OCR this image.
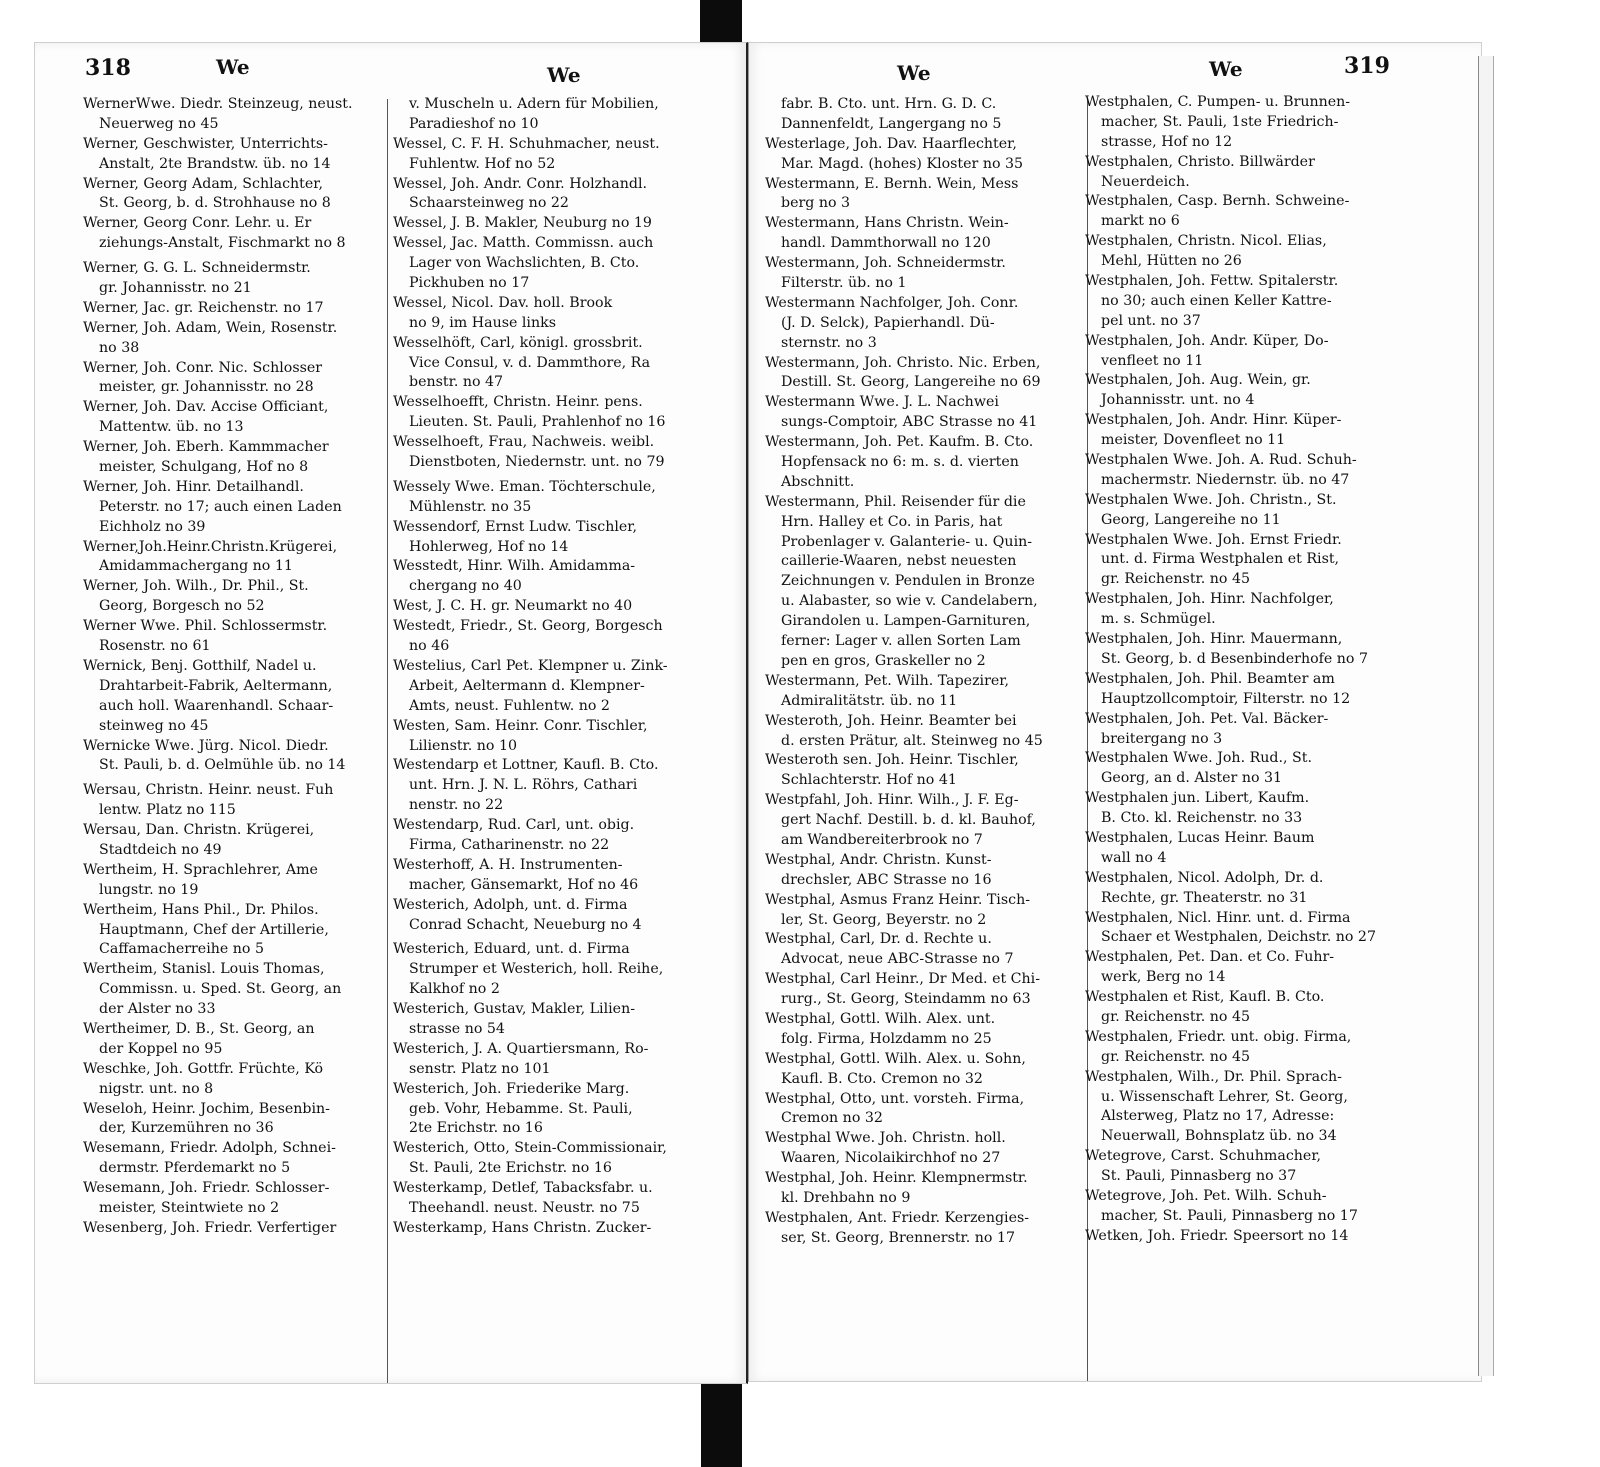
318	We	We
WernerWwe. Diedr. Steinzeug, neust.
Neuerweg no 45
Werner, Geschwister, Unterrichts-
Anstalt, 2te Brandstw. üb. no 14
Werner, Georg Adam, Schlachter,
St. Georg, b. d. Strohhause no 8
Werner, Georg Conr. Lehr. u. Er
ziehungs-Anstalt, Fischmarkt no 8
Werner, G. G. L. Schneidermstr.
gr. Johannisstr. no 21
Werner, Jac. gr. Reichenstr. no 17
Werner, Joh. Adam, Wein, Rosenstr.
no 38
Werner, Joh. Conr. Nic. Schlosser
meister, gr. Johannisstr. no 28
Werner, Joh. Dav. Accise Officiant,
Mattentw. üb. no 13
Werner, Joh. Eberh. Kammmacher
meister, Schulgang, Hof no 8
Werner, Joh. Hinr. Detailhandl.
Peterstr. no 17; auch einen Laden
Eichholz no 39
Werner,Joh.Heinr.Christn.Krügerei,
Amidammachergang no 11
Werner, Joh. Wilh., Dr. Phil., St.
Georg, Borgesch no 52
Werner Wwe. Phil. Schlossermstr.
Rosenstr. no 61
Wernick, Benj. Gotthilf, Nadel u.
Drahtarbeit-Fabrik, Aeltermann,
auch holl. Waarenhandl. Schaar-
steinweg no 45
Wernicke Wwe. Jürg. Nicol. Diedr.
St. Pauli, b. d. Oelmühle üb. no 14
Wersau, Christn. Heinr. neust. Fuh
lentw. Platz no 115
Wersau, Dan. Christn. Krügerei,
Stadtdeich no 49
Wertheim, H. Sprachlehrer, Ame
lungstr. no 19
Wertheim, Hans Phil., Dr. Philos.
Hauptmann, Chef der Artillerie,
Caffamacherreihe no 5
Wertheim, Stanisl. Louis Thomas,
Commissn. u. Sped. St. Georg, an
der Alster no 33
Wertheimer, D. B., St. Georg, an
der Koppel no 95
Weschke, Joh. Gottfr. Früchte, Kö
nigstr. unt. no 8
Weseloh, Heinr. Jochim, Besenbin-
der, Kurzemühren no 36
Wesemann, Friedr. Adolph, Schnei-
dermstr. Pferdemarkt no 5
Wesemann, Joh. Friedr. Schlosser-
meister, Steintwiete no 2
Wesenberg, Joh. Friedr. Verfertiger
v. Muscheln u. Adern für Mobilien,
Paradieshof no 10
Wessel, C. F. H. Schuhmacher, neust.
Fuhlentw. Hof no 52
Wessel, Joh. Andr. Conr. Holzhandl.
Schaarsteinweg no 22
Wessel, J. B. Makler, Neuburg no 19
Wessel, Jac. Matth. Commissn. auch
Lager von Wachslichten, B. Cto.
Pickhuben no 17
Wessel, Nicol. Dav. holl. Brook
no 9, im Hause links
Wesselhöft, Carl, königl. grossbrit.
Vice Consul, v. d. Dammthore, Ra
benstr. no 47
Wesselhoefft, Christn. Heinr. pens.
Lieuten. St. Pauli, Prahlenhof no 16
Wesselhoeft, Frau, Nachweis. weibl.
Dienstboten, Niedernstr. unt. no 79
Wessely Wwe. Eman. Töchterschule,
Mühlenstr. no 35
Wessendorf, Ernst Ludw. Tischler,
Hohlerweg, Hof no 14
Wesstedt, Hinr. Wilh. Amidamma-
chergang no 40
West, J. C. H. gr. Neumarkt no 40
Westedt, Friedr., St. Georg, Borgesch
no 46
Westelius, Carl Pet. Klempner u. Zink-
Arbeit, Aeltermann d. Klempner-
Amts, neust. Fuhlentw. no 2
Westen, Sam. Heinr. Conr. Tischler,
Lilienstr. no 10
Westendarp et Lottner, Kaufl. B. Cto.
unt. Hrn. J. N. L. Röhrs, Cathari
nenstr. no 22
Westendarp, Rud. Carl, unt. obig.
Firma, Catharinenstr. no 22
Westerhoff, A. H. Instrumenten-
macher, Gänsemarkt, Hof no 46
Westerich, Adolph, unt. d. Firma
Conrad Schacht, Neueburg no 4
Westerich, Eduard, unt. d. Firma
Strumper et Westerich, holl. Reihe,
Kalkhof no 2
Westerich, Gustav, Makler, Lilien-
strasse no 54
Westerich, J. A. Quartiersmann, Ro-
senstr. Platz no 101
Westerich, Joh. Friederike Marg.
geb. Vohr, Hebamme. St. Pauli,
2te Erichstr. no 16
Westerich, Otto, Stein-Commissionair,
St. Pauli, 2te Erichstr. no 16
Westerkamp, Detlef, Tabacksfabr. u.
Theehandl. neust. Neustr. no 75
Westerkamp, Hans Christn. Zucker-
We	We	319
fabr. B. Cto. unt. Hrn. G. D. C.
Dannenfeldt, Langergang no 5
Westerlage, Joh. Dav. Haarflechter,
Mar. Magd. (hohes) Kloster no 35
Westermann, E. Bernh. Wein, Mess
berg no 3
Westermann, Hans Christn. Wein-
handl. Dammthorwall no 120
Westermann, Joh. Schneidermstr.
Filterstr. üb. no 1
Westermann Nachfolger, Joh. Conr.
(J. D. Selck), Papierhandl. Dü-
sternstr. no 3
Westermann, Joh. Christo. Nic. Erben,
Destill. St. Georg, Langereihe no 69
Westermann Wwe. J. L. Nachwei
sungs-Comptoir, ABC Strasse no 41
Westermann, Joh. Pet. Kaufm. B. Cto.
Hopfensack no 6: m. s. d. vierten
Abschnitt.
Westermann, Phil. Reisender für die
Hrn. Halley et Co. in Paris, hat
Probenlager v. Galanterie- u. Quin-
caillerie-Waaren, nebst neuesten
Zeichnungen v. Pendulen in Bronze
u. Alabaster, so wie v. Candelabern,
Girandolen u. Lampen-Garnituren,
ferner: Lager v. allen Sorten Lam
pen en gros, Graskeller no 2
Westermann, Pet. Wilh. Tapezirer,
Admiralitätstr. üb. no 11
Westeroth, Joh. Heinr. Beamter bei
d. ersten Prätur, alt. Steinweg no 45
Westeroth sen. Joh. Heinr. Tischler,
Schlachterstr. Hof no 41
Westpfahl, Joh. Hinr. Wilh., J. F. Eg-
gert Nachf. Destill. b. d. kl. Bauhof,
am Wandbereiterbrook no 7
Westphal, Andr. Christn. Kunst-
drechsler, ABC Strasse no 16
Westphal, Asmus Franz Heinr. Tisch-
ler, St. Georg, Beyerstr. no 2
Westphal, Carl, Dr. d. Rechte u.
Advocat, neue ABC-Strasse no 7
Westphal, Carl Heinr., Dr Med. et Chi-
rurg., St. Georg, Steindamm no 63
Westphal, Gottl. Wilh. Alex. unt.
folg. Firma, Holzdamm no 25
Westphal, Gottl. Wilh. Alex. u. Sohn,
Kaufl. B. Cto. Cremon no 32
Westphal, Otto, unt. vorsteh. Firma,
Cremon no 32
Westphal Wwe. Joh. Christn. holl.
Waaren, Nicolaikirchhof no 27
Westphal, Joh. Heinr. Klempnermstr.
kl. Drehbahn no 9
Westphalen, Ant. Friedr. Kerzengies-
ser, St. Georg, Brennerstr. no 17
Westphalen, C. Pumpen- u. Brunnen-
macher, St. Pauli, 1ste Friedrich-
strasse, Hof no 12
Westphalen, Christo. Billwärder
Neuerdeich.
Westphalen, Casp. Bernh. Schweine-
markt no 6
Westphalen, Christn. Nicol. Elias,
Mehl, Hütten no 26
Westphalen, Joh. Fettw. Spitalerstr.
no 30; auch einen Keller Kattre-
pel unt. no 37
Westphalen, Joh. Andr. Küper, Do-
venfleet no 11
Westphalen, Joh. Aug. Wein, gr.
Johannisstr. unt. no 4
Westphalen, Joh. Andr. Hinr. Küper-
meister, Dovenfleet no 11
Westphalen Wwe. Joh. A. Rud. Schuh-
machermstr. Niedernstr. üb. no 47
Westphalen Wwe. Joh. Christn., St.
Georg, Langereihe no 11
Westphalen Wwe. Joh. Ernst Friedr.
unt. d. Firma Westphalen et Rist,
gr. Reichenstr. no 45
Westphalen, Joh. Hinr. Nachfolger,
m. s. Schmügel.
Westphalen, Joh. Hinr. Mauermann,
St. Georg, b. d Besenbinderhofe no 7
Westphalen, Joh. Phil. Beamter am
Hauptzollcomptoir, Filterstr. no 12
Westphalen, Joh. Pet. Val. Bäcker-
breitergang no 3
Westphalen Wwe. Joh. Rud., St.
Georg, an d. Alster no 31
Westphalen jun. Libert, Kaufm.
B. Cto. kl. Reichenstr. no 33
Westphalen, Lucas Heinr. Baum
wall no 4
Westphalen, Nicol. Adolph, Dr. d.
Rechte, gr. Theaterstr. no 31
Westphalen, Nicl. Hinr. unt. d. Firma
Schaer et Westphalen, Deichstr. no 27
Westphalen, Pet. Dan. et Co. Fuhr-
werk, Berg no 14
Westphalen et Rist, Kaufl. B. Cto.
gr. Reichenstr. no 45
Westphalen, Friedr. unt. obig. Firma,
gr. Reichenstr. no 45
Westphalen, Wilh., Dr. Phil. Sprach-
u. Wissenschaft Lehrer, St. Georg,
Alsterweg, Platz no 17, Adresse:
Neuerwall, Bohnsplatz üb. no 34
Wetegrove, Carst. Schuhmacher,
St. Pauli, Pinnasberg no 37
Wetegrove, Joh. Pet. Wilh. Schuh-
macher, St. Pauli, Pinnasberg no 17
Wetken, Joh. Friedr. Speersort no 14
